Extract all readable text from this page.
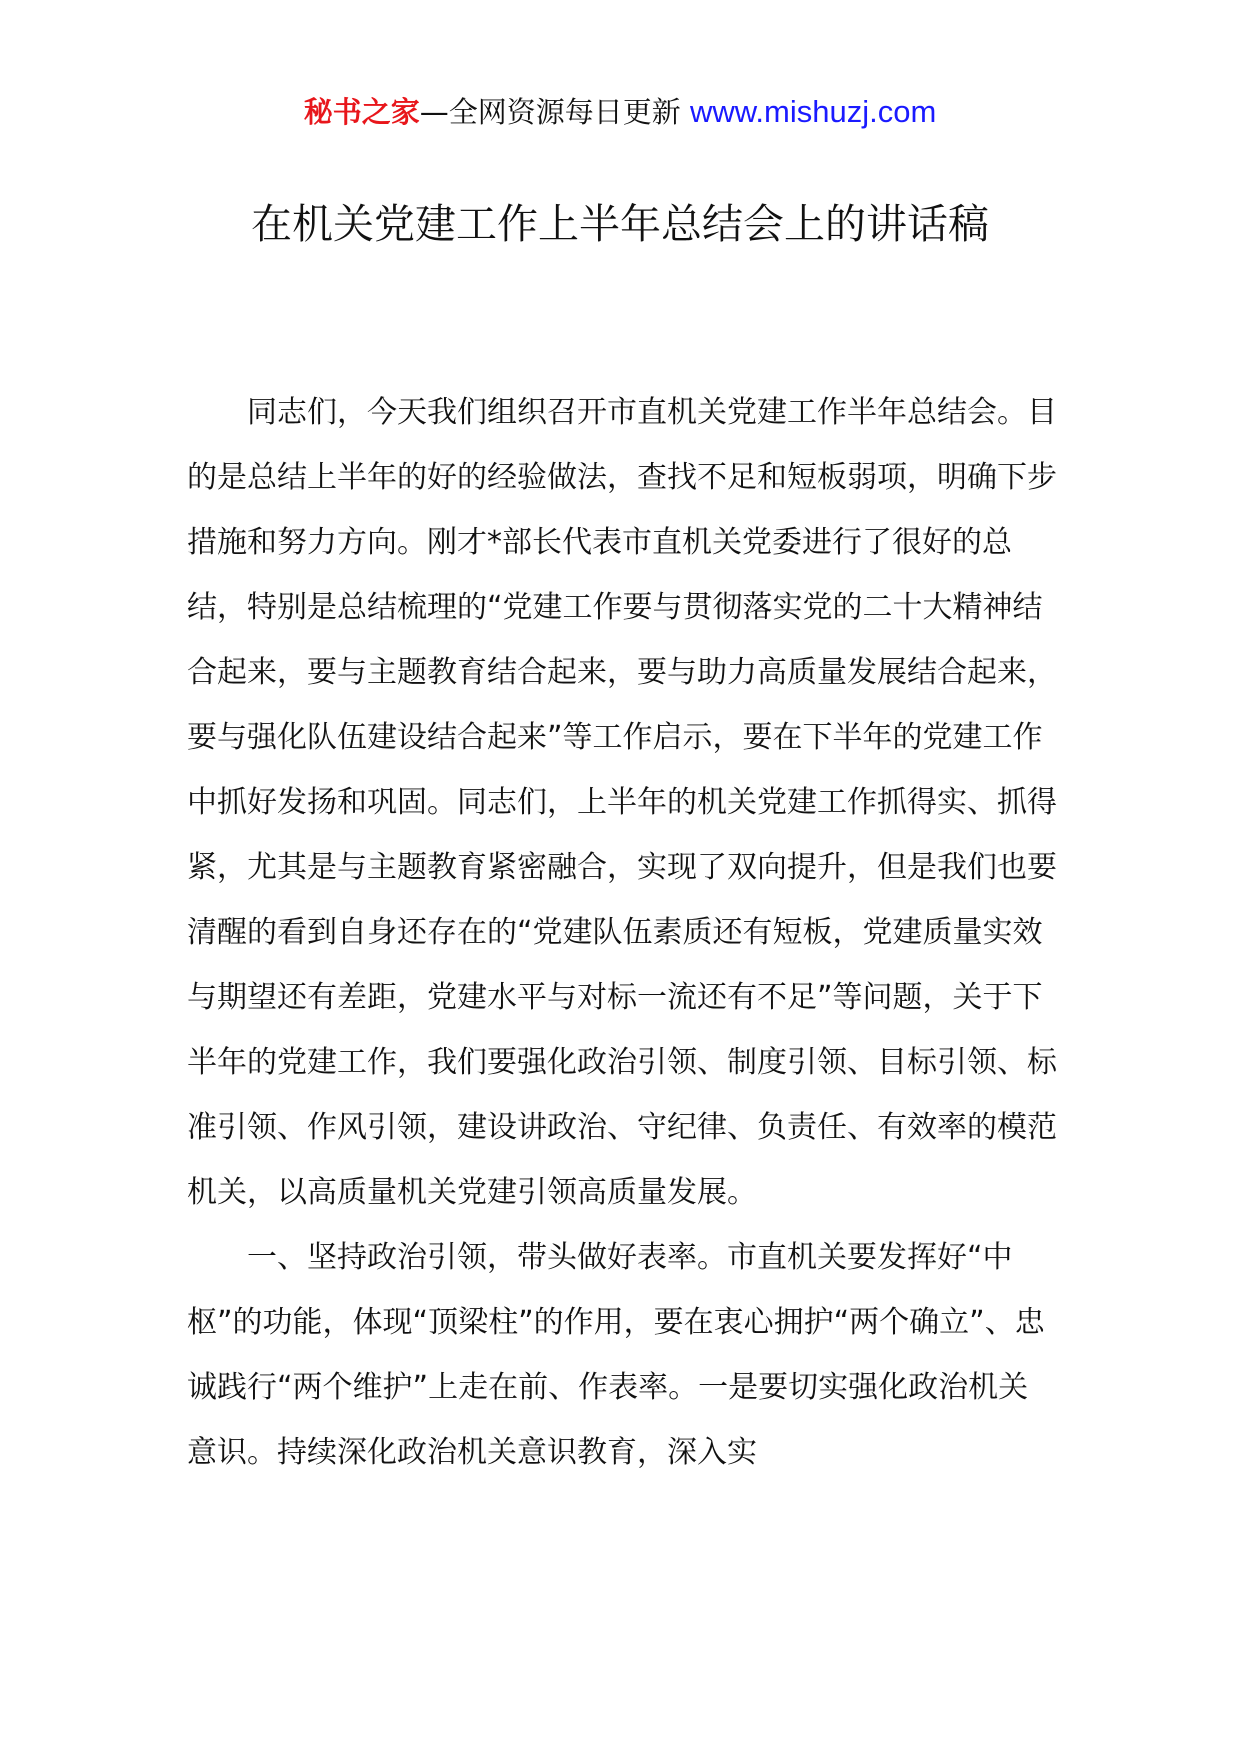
秘书之家—全网资源每日更新 www.mishuzj.com
在机关党建工作上半年总结会上的讲话稿

同志们，今天我们组织召开市直机关党建工作半年总结会。目的是总结上半年的好的经验做法，查找不足和短板弱项，明确下步措施和努力方向。刚才*部长代表市直机关党委进行了很好的总结，特别是总结梳理的“党建工作要与贯彻落实党的二十大精神结合起来，要与主题教育结合起来，要与助力高质量发展结合起来，要与强化队伍建设结合起来”等工作启示，要在下半年的党建工作中抓好发扬和巩固。同志们，上半年的机关党建工作抓得实、抓得紧，尤其是与主题教育紧密融合，实现了双向提升，但是我们也要清醒的看到自身还存在的“党建队伍素质还有短板，党建质量实效与期望还有差距，党建水平与对标一流还有不足”等问题，关于下半年的党建工作，我们要强化政治引领、制度引领、目标引领、标准引领、作风引领，建设讲政治、守纪律、负责任、有效率的模范机关，以高质量机关党建引领高质量发展。

一、坚持政治引领，带头做好表率。市直机关要发挥好“中枢”的功能，体现“顶梁柱”的作用，要在衷心拥护“两个确立”、忠诚践行“两个维护”上走在前、作表率。一是要切实强化政治机关意识。持续深化政治机关意识教育，深入实
